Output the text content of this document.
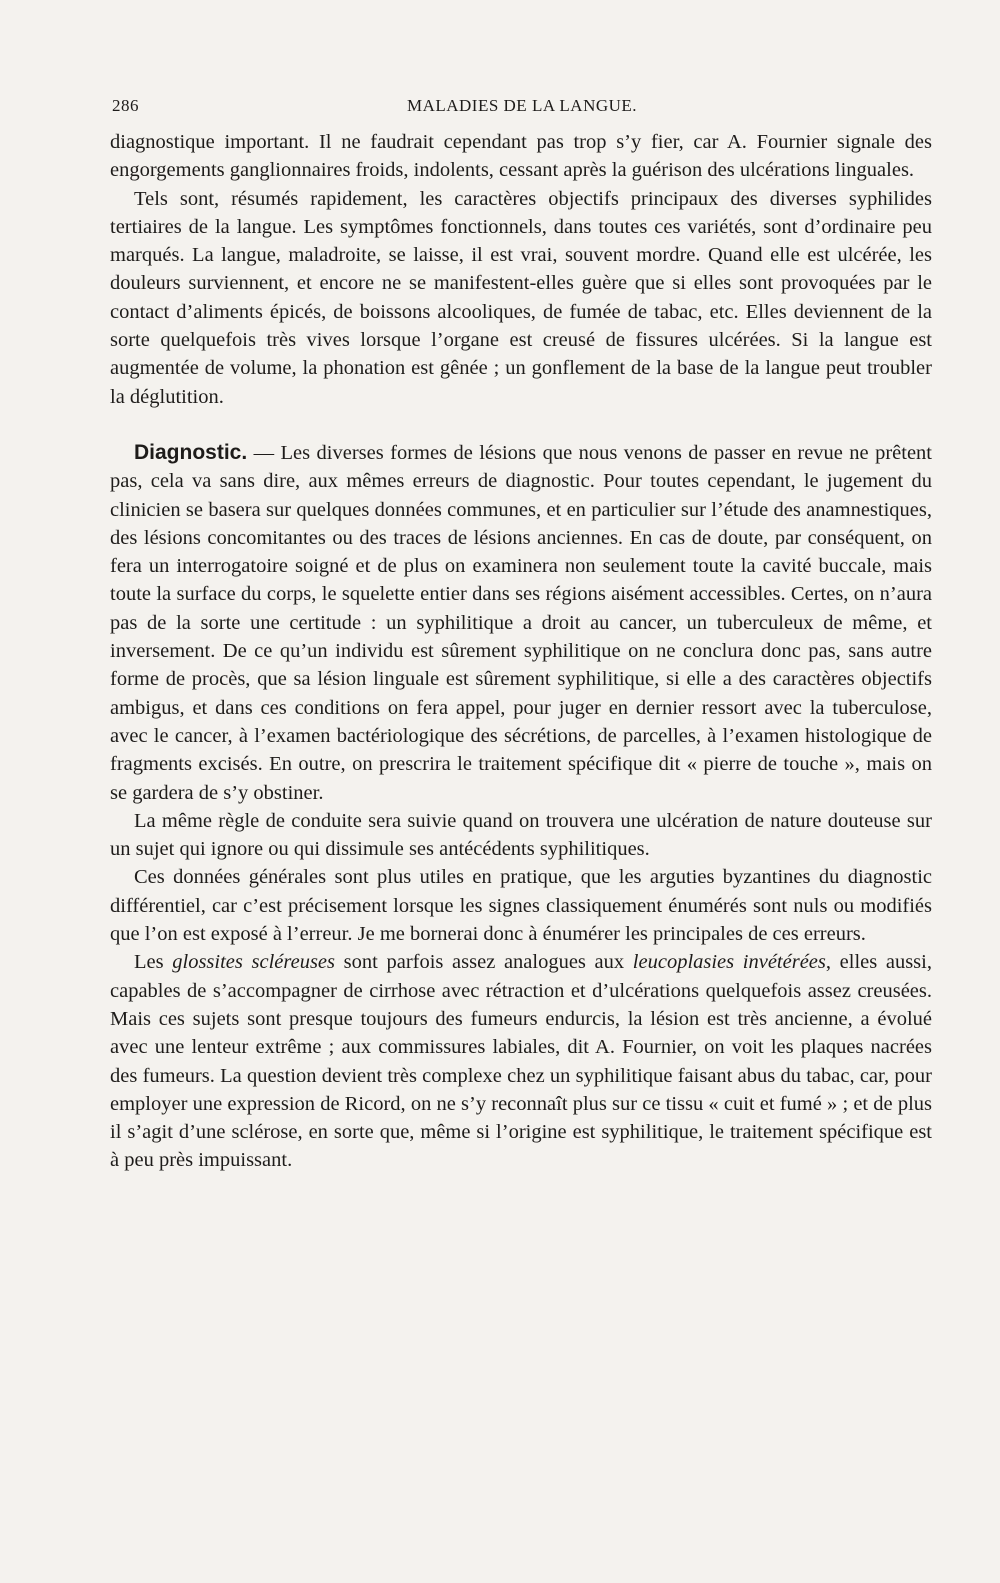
286	MALADIES DE LA LANGUE.

diagnostique important. Il ne faudrait cependant pas trop s’y fier, car A. Fournier signale des engorgements ganglionnaires froids, indolents, cessant après la guérison des ulcérations linguales.

Tels sont, résumés rapidement, les caractères objectifs principaux des diverses syphilides tertiaires de la langue. Les symptômes fonctionnels, dans toutes ces variétés, sont d’ordinaire peu marqués. La langue, maladroite, se laisse, il est vrai, souvent mordre. Quand elle est ulcérée, les douleurs surviennent, et encore ne se manifestent-elles guère que si elles sont provoquées par le contact d’aliments épicés, de boissons alcooliques, de fumée de tabac, etc. Elles deviennent de la sorte quelquefois très vives lorsque l’organe est creusé de fissures ulcérées. Si la langue est augmentée de volume, la phonation est gênée ; un gonflement de la base de la langue peut troubler la déglutition.

Diagnostic. — Les diverses formes de lésions que nous venons de passer en revue ne prêtent pas, cela va sans dire, aux mêmes erreurs de diagnostic. Pour toutes cependant, le jugement du clinicien se basera sur quelques données communes, et en particulier sur l’étude des anamnestiques, des lésions concomitantes ou des traces de lésions anciennes. En cas de doute, par conséquent, on fera un interrogatoire soigné et de plus on examinera non seulement toute la cavité buccale, mais toute la surface du corps, le squelette entier dans ses régions aisément accessibles. Certes, on n’aura pas de la sorte une certitude : un syphilitique a droit au cancer, un tuberculeux de même, et inversement. De ce qu’un individu est sûrement syphilitique on ne conclura donc pas, sans autre forme de procès, que sa lésion linguale est sûrement syphilitique, si elle a des caractères objectifs ambigus, et dans ces conditions on fera appel, pour juger en dernier ressort avec la tuberculose, avec le cancer, à l’examen bactériologique des sécrétions, de parcelles, à l’examen histologique de fragments excisés. En outre, on prescrira le traitement spécifique dit « pierre de touche », mais on se gardera de s’y obstiner.

La même règle de conduite sera suivie quand on trouvera une ulcération de nature douteuse sur un sujet qui ignore ou qui dissimule ses antécédents syphilitiques.

Ces données générales sont plus utiles en pratique, que les arguties byzantines du diagnostic différentiel, car c’est précisement lorsque les signes classiquement énumérés sont nuls ou modifiés que l’on est exposé à l’erreur. Je me bornerai donc à énumérer les principales de ces erreurs.

Les glossites scléreuses sont parfois assez analogues aux leucoplasies invétérées, elles aussi, capables de s’accompagner de cirrhose avec rétraction et d’ulcérations quelquefois assez creusées. Mais ces sujets sont presque toujours des fumeurs endurcis, la lésion est très ancienne, a évolué avec une lenteur extrême ; aux commissures labiales, dit A. Fournier, on voit les plaques nacrées des fumeurs. La question devient très complexe chez un syphilitique faisant abus du tabac, car, pour employer une expression de Ricord, on ne s’y reconnaît plus sur ce tissu « cuit et fumé » ; et de plus il s’agit d’une sclérose, en sorte que, même si l’origine est syphilitique, le traitement spécifique est à peu près impuissant.
